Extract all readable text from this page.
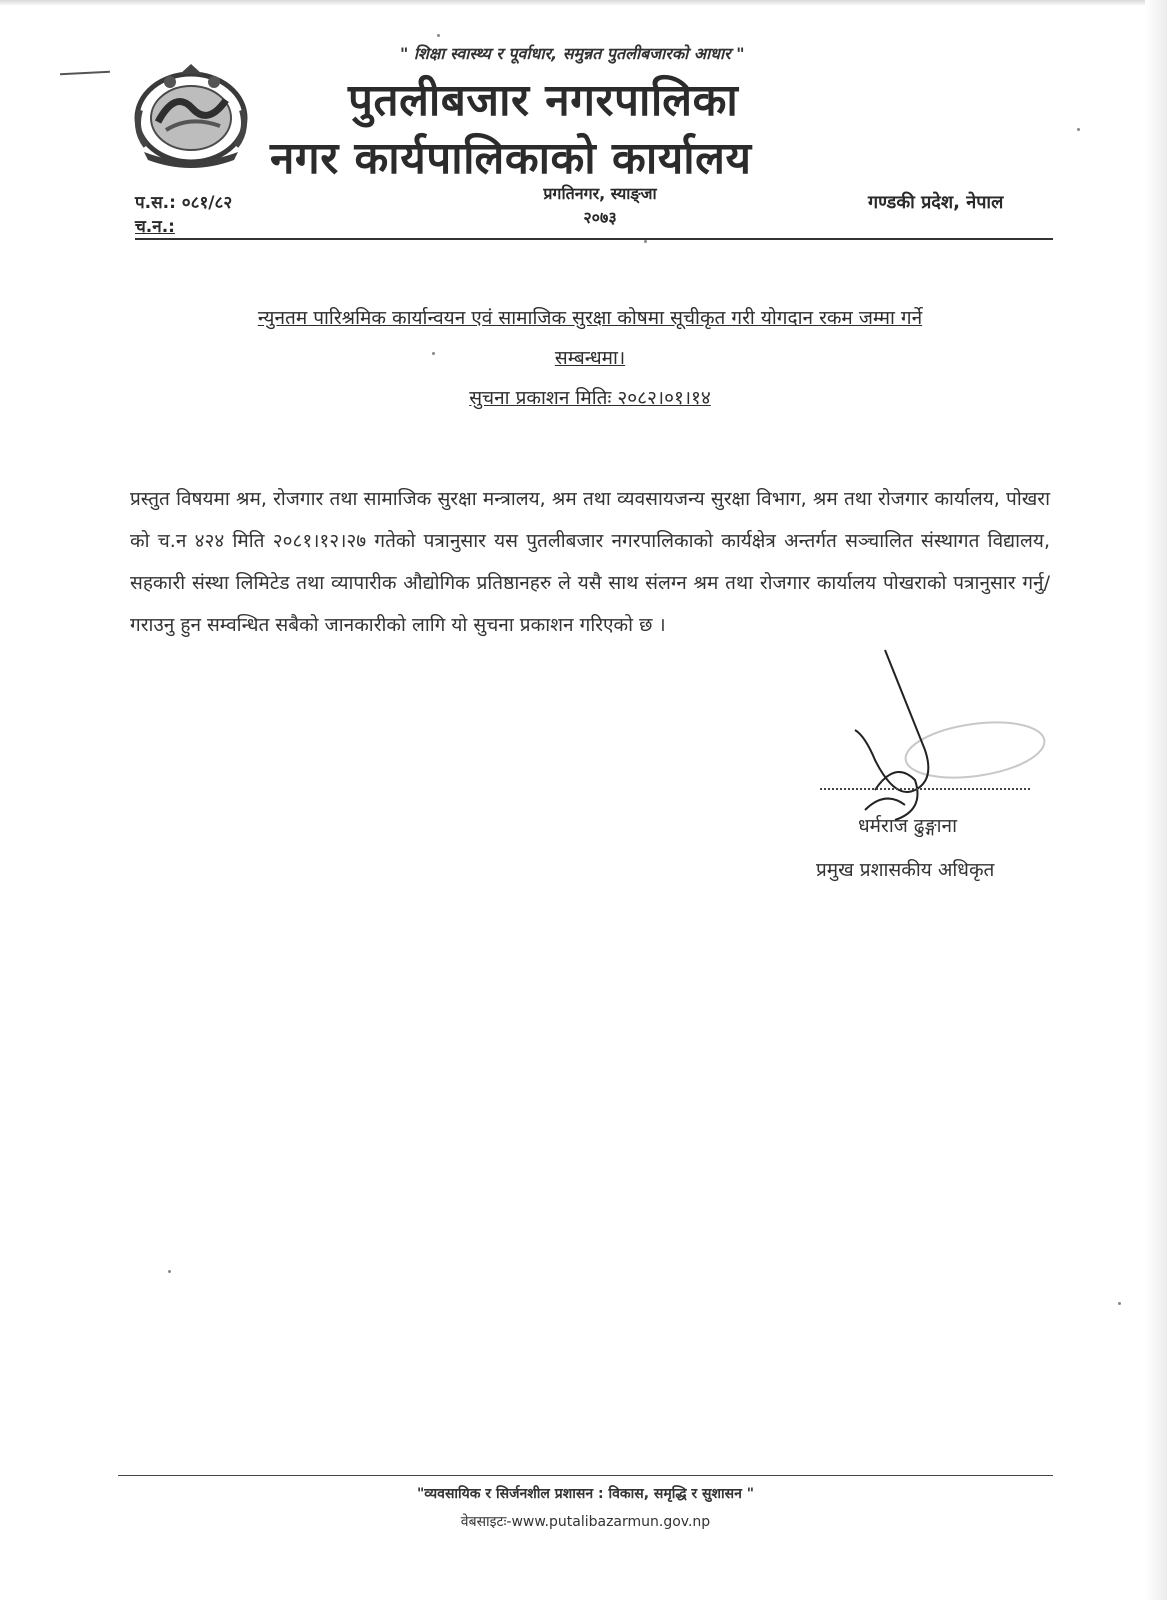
" शिक्षा स्वास्थ्य र पूर्वाधार, समुन्नत पुतलीबजारको आधार "
पुतलीबजार नगरपालिका
नगर कार्यपालिकाको कार्यालय
प.स.: ०८१/८२
च.न.:
प्रगतिनगर, स्याङ्जा
२०७३
गण्डकी प्रदेश, नेपाल
न्युनतम पारिश्रमिक कार्यान्वयन एवं सामाजिक सुरक्षा कोषमा सूचीकृत गरी योगदान रकम जम्मा गर्ने
सम्बन्धमा।
सुचना प्रकाशन मितिः २०८२।०१।१४
प्रस्तुत विषयमा श्रम, रोजगार तथा सामाजिक सुरक्षा मन्त्रालय, श्रम तथा व्यवसायजन्य सुरक्षा विभाग, श्रम तथा रोजगार कार्यालय, पोखरा को च.न ४२४ मिति २०८१।१२।२७ गतेको पत्रानुसार यस पुतलीबजार नगरपालिकाको कार्यक्षेत्र अन्तर्गत सञ्चालित संस्थागत विद्यालय, सहकारी संस्था लिमिटेड तथा व्यापारीक औद्योगिक प्रतिष्ठानहरु ले यसै साथ संलग्न श्रम तथा रोजगार कार्यालय पोखराको पत्रानुसार गर्नु/गराउनु हुन सम्वन्धित सबैको जानकारीको लागि यो सुचना प्रकाशन गरिएको छ ।
धर्मराज ढुङ्गाना
प्रमुख प्रशासकीय अधिकृत
"व्यवसायिक र सिर्जनशील प्रशासन : विकास, समृद्धि र सुशासन "
वेबसाइटः-www.putalibazarmun.gov.np
